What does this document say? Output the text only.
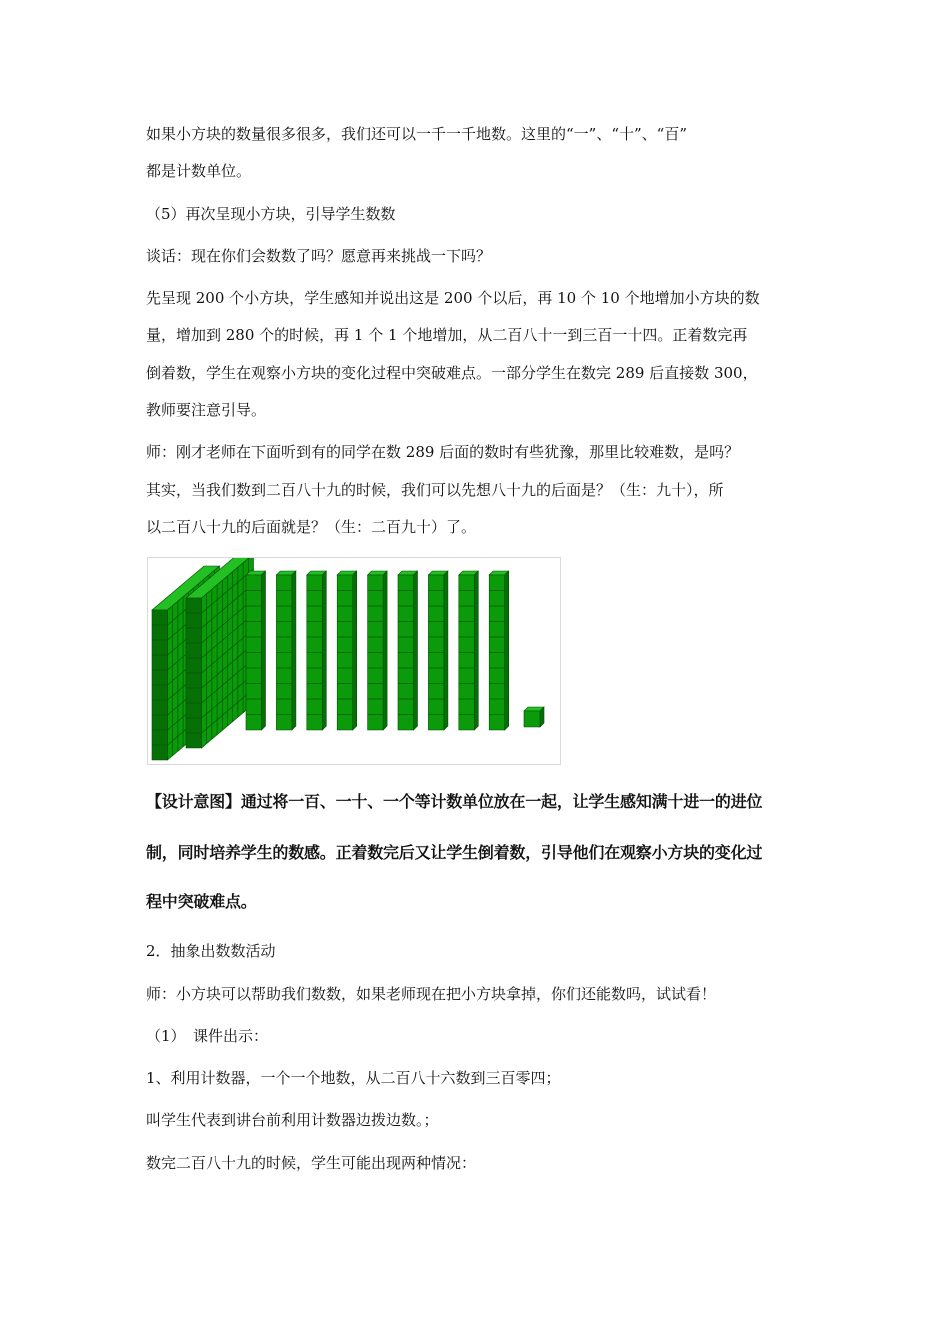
如果小方块的数量很多很多，我们还可以一千一千地数。这里的“一”、“十”、“百”
都是计数单位。
（5）再次呈现小方块，引导学生数数
谈话：现在你们会数数了吗？愿意再来挑战一下吗？
先呈现 200 个小方块，学生感知并说出这是 200 个以后，再 10 个 10 个地增加小方块的数
量，增加到 280 个的时候，再 1 个 1 个地增加，从二百八十一到三百一十四。正着数完再
倒着数，学生在观察小方块的变化过程中突破难点。一部分学生在数完 289 后直接数 300，
教师要注意引导。
师：刚才老师在下面听到有的同学在数 289 后面的数时有些犹豫，那里比较难数，是吗？
其实，当我们数到二百八十九的时候，我们可以先想八十九的后面是？（生：九十），所
以二百八十九的后面就是？（生：二百九十）了。
【设计意图】通过将一百、一十、一个等计数单位放在一起，让学生感知满十进一的进位
制，同时培养学生的数感。正着数完后又让学生倒着数，引导他们在观察小方块的变化过
程中突破难点。
2．抽象出数数活动
师：小方块可以帮助我们数数，如果老师现在把小方块拿掉，你们还能数吗，试试看！
（1）　课件出示：
1、利用计数器，一个一个地数，从二百八十六数到三百零四；
叫学生代表到讲台前利用计数器边拨边数。；
数完二百八十九的时候，学生可能出现两种情况：
